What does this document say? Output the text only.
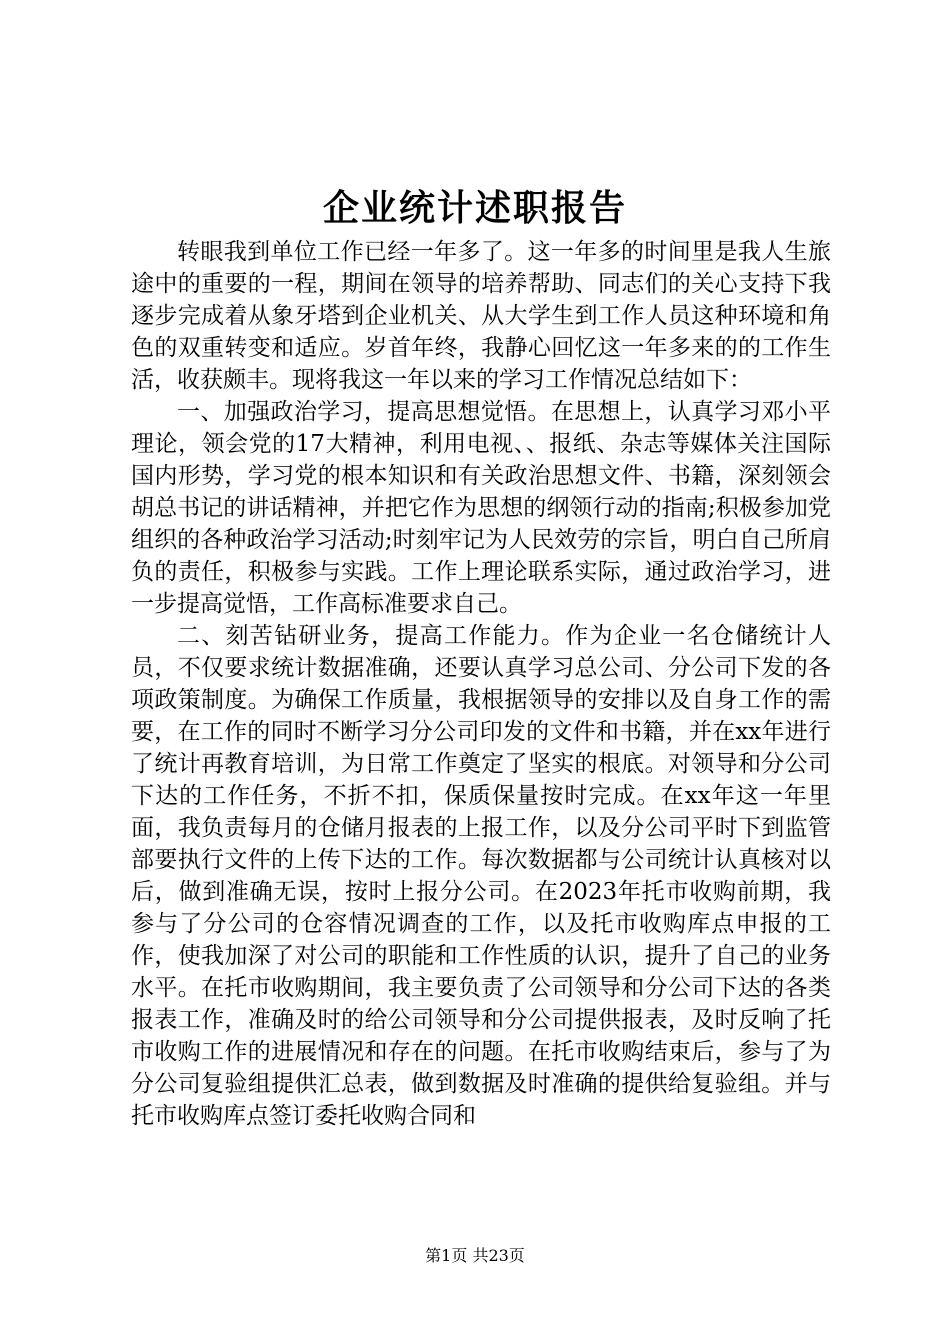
企业统计述职报告

转眼我到单位工作已经一年多了。这一年多的时间里是我人生旅途中的重要的一程，期间在领导的培养帮助、同志们的关心支持下我逐步完成着从象牙塔到企业机关、从大学生到工作人员这种环境和角色的双重转变和适应。岁首年终，我静心回忆这一年多来的的工作生活，收获颇丰。现将我这一年以来的学习工作情况总结如下：

一、加强政治学习，提高思想觉悟。在思想上，认真学习邓小平理论，领会党的17大精神，利用电视、、报纸、杂志等媒体关注国际国内形势，学习党的根本知识和有关政治思想文件、书籍，深刻领会胡总书记的讲话精神，并把它作为思想的纲领行动的指南;积极参加党组织的各种政治学习活动;时刻牢记为人民效劳的宗旨，明白自己所肩负的责任，积极参与实践。工作上理论联系实际，通过政治学习，进一步提高觉悟，工作高标准要求自己。

二、刻苦钻研业务，提高工作能力。作为企业一名仓储统计人员，不仅要求统计数据准确，还要认真学习总公司、分公司下发的各项政策制度。为确保工作质量，我根据领导的安排以及自身工作的需要，在工作的同时不断学习分公司印发的文件和书籍，并在xx年进行了统计再教育培训，为日常工作奠定了坚实的根底。对领导和分公司下达的工作任务，不折不扣，保质保量按时完成。在xx年这一年里面，我负责每月的仓储月报表的上报工作，以及分公司平时下到监管部要执行文件的上传下达的工作。每次数据都与公司统计认真核对以后，做到准确无误，按时上报分公司。在2023年托市收购前期，我参与了分公司的仓容情况调查的工作，以及托市收购库点申报的工作，使我加深了对公司的职能和工作性质的认识，提升了自己的业务水平。在托市收购期间，我主要负责了公司领导和分公司下达的各类报表工作，准确及时的给公司领导和分公司提供报表，及时反响了托市收购工作的进展情况和存在的问题。在托市收购结束后，参与了为分公司复验组提供汇总表，做到数据及时准确的提供给复验组。并与托市收购库点签订委托收购合同和

第1页 共23页
